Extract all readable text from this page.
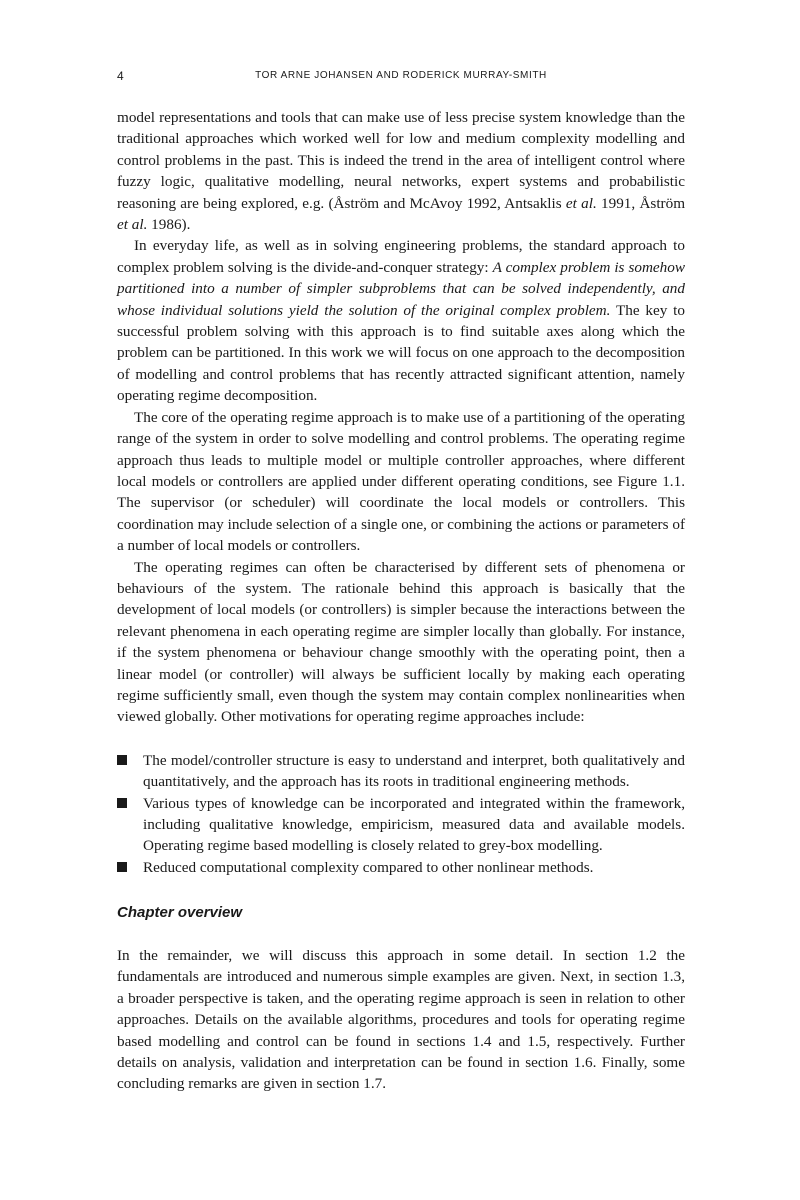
4	TOR ARNE JOHANSEN AND RODERICK MURRAY-SMITH

model representations and tools that can make use of less precise system knowledge than the traditional approaches which worked well for low and medium complexity modelling and control problems in the past. This is indeed the trend in the area of intelligent control where fuzzy logic, qualitative modelling, neural networks, expert systems and probabilistic reasoning are being explored, e.g. (Åström and McAvoy 1992, Antsaklis et al. 1991, Åström et al. 1986).

In everyday life, as well as in solving engineering problems, the standard approach to complex problem solving is the divide-and-conquer strategy: A complex problem is somehow partitioned into a number of simpler subproblems that can be solved independently, and whose individual solutions yield the solution of the original complex problem. The key to successful problem solving with this approach is to find suitable axes along which the problem can be partitioned. In this work we will focus on one approach to the decomposition of modelling and control problems that has recently attracted significant attention, namely operating regime decomposition.

The core of the operating regime approach is to make use of a partitioning of the operating range of the system in order to solve modelling and control problems. The operating regime approach thus leads to multiple model or multiple controller approaches, where different local models or controllers are applied under different operating conditions, see Figure 1.1. The supervisor (or scheduler) will coordinate the local models or controllers. This coordination may include selection of a single one, or combining the actions or parameters of a number of local models or controllers.

The operating regimes can often be characterised by different sets of phenomena or behaviours of the system. The rationale behind this approach is basically that the development of local models (or controllers) is simpler because the interactions between the relevant phenomena in each operating regime are simpler locally than globally. For instance, if the system phenomena or behaviour change smoothly with the operating point, then a linear model (or controller) will always be sufficient locally by making each operating regime sufficiently small, even though the system may contain complex nonlinearities when viewed globally. Other motivations for operating regime approaches include:

The model/controller structure is easy to understand and interpret, both qualitatively and quantitatively, and the approach has its roots in traditional engineering methods.
Various types of knowledge can be incorporated and integrated within the framework, including qualitative knowledge, empiricism, measured data and available models. Operating regime based modelling is closely related to grey-box modelling.
Reduced computational complexity compared to other nonlinear methods.
Chapter overview

In the remainder, we will discuss this approach in some detail. In section 1.2 the fundamentals are introduced and numerous simple examples are given. Next, in section 1.3, a broader perspective is taken, and the operating regime approach is seen in relation to other approaches. Details on the available algorithms, procedures and tools for operating regime based modelling and control can be found in sections 1.4 and 1.5, respectively. Further details on analysis, validation and interpretation can be found in section 1.6. Finally, some concluding remarks are given in section 1.7.
